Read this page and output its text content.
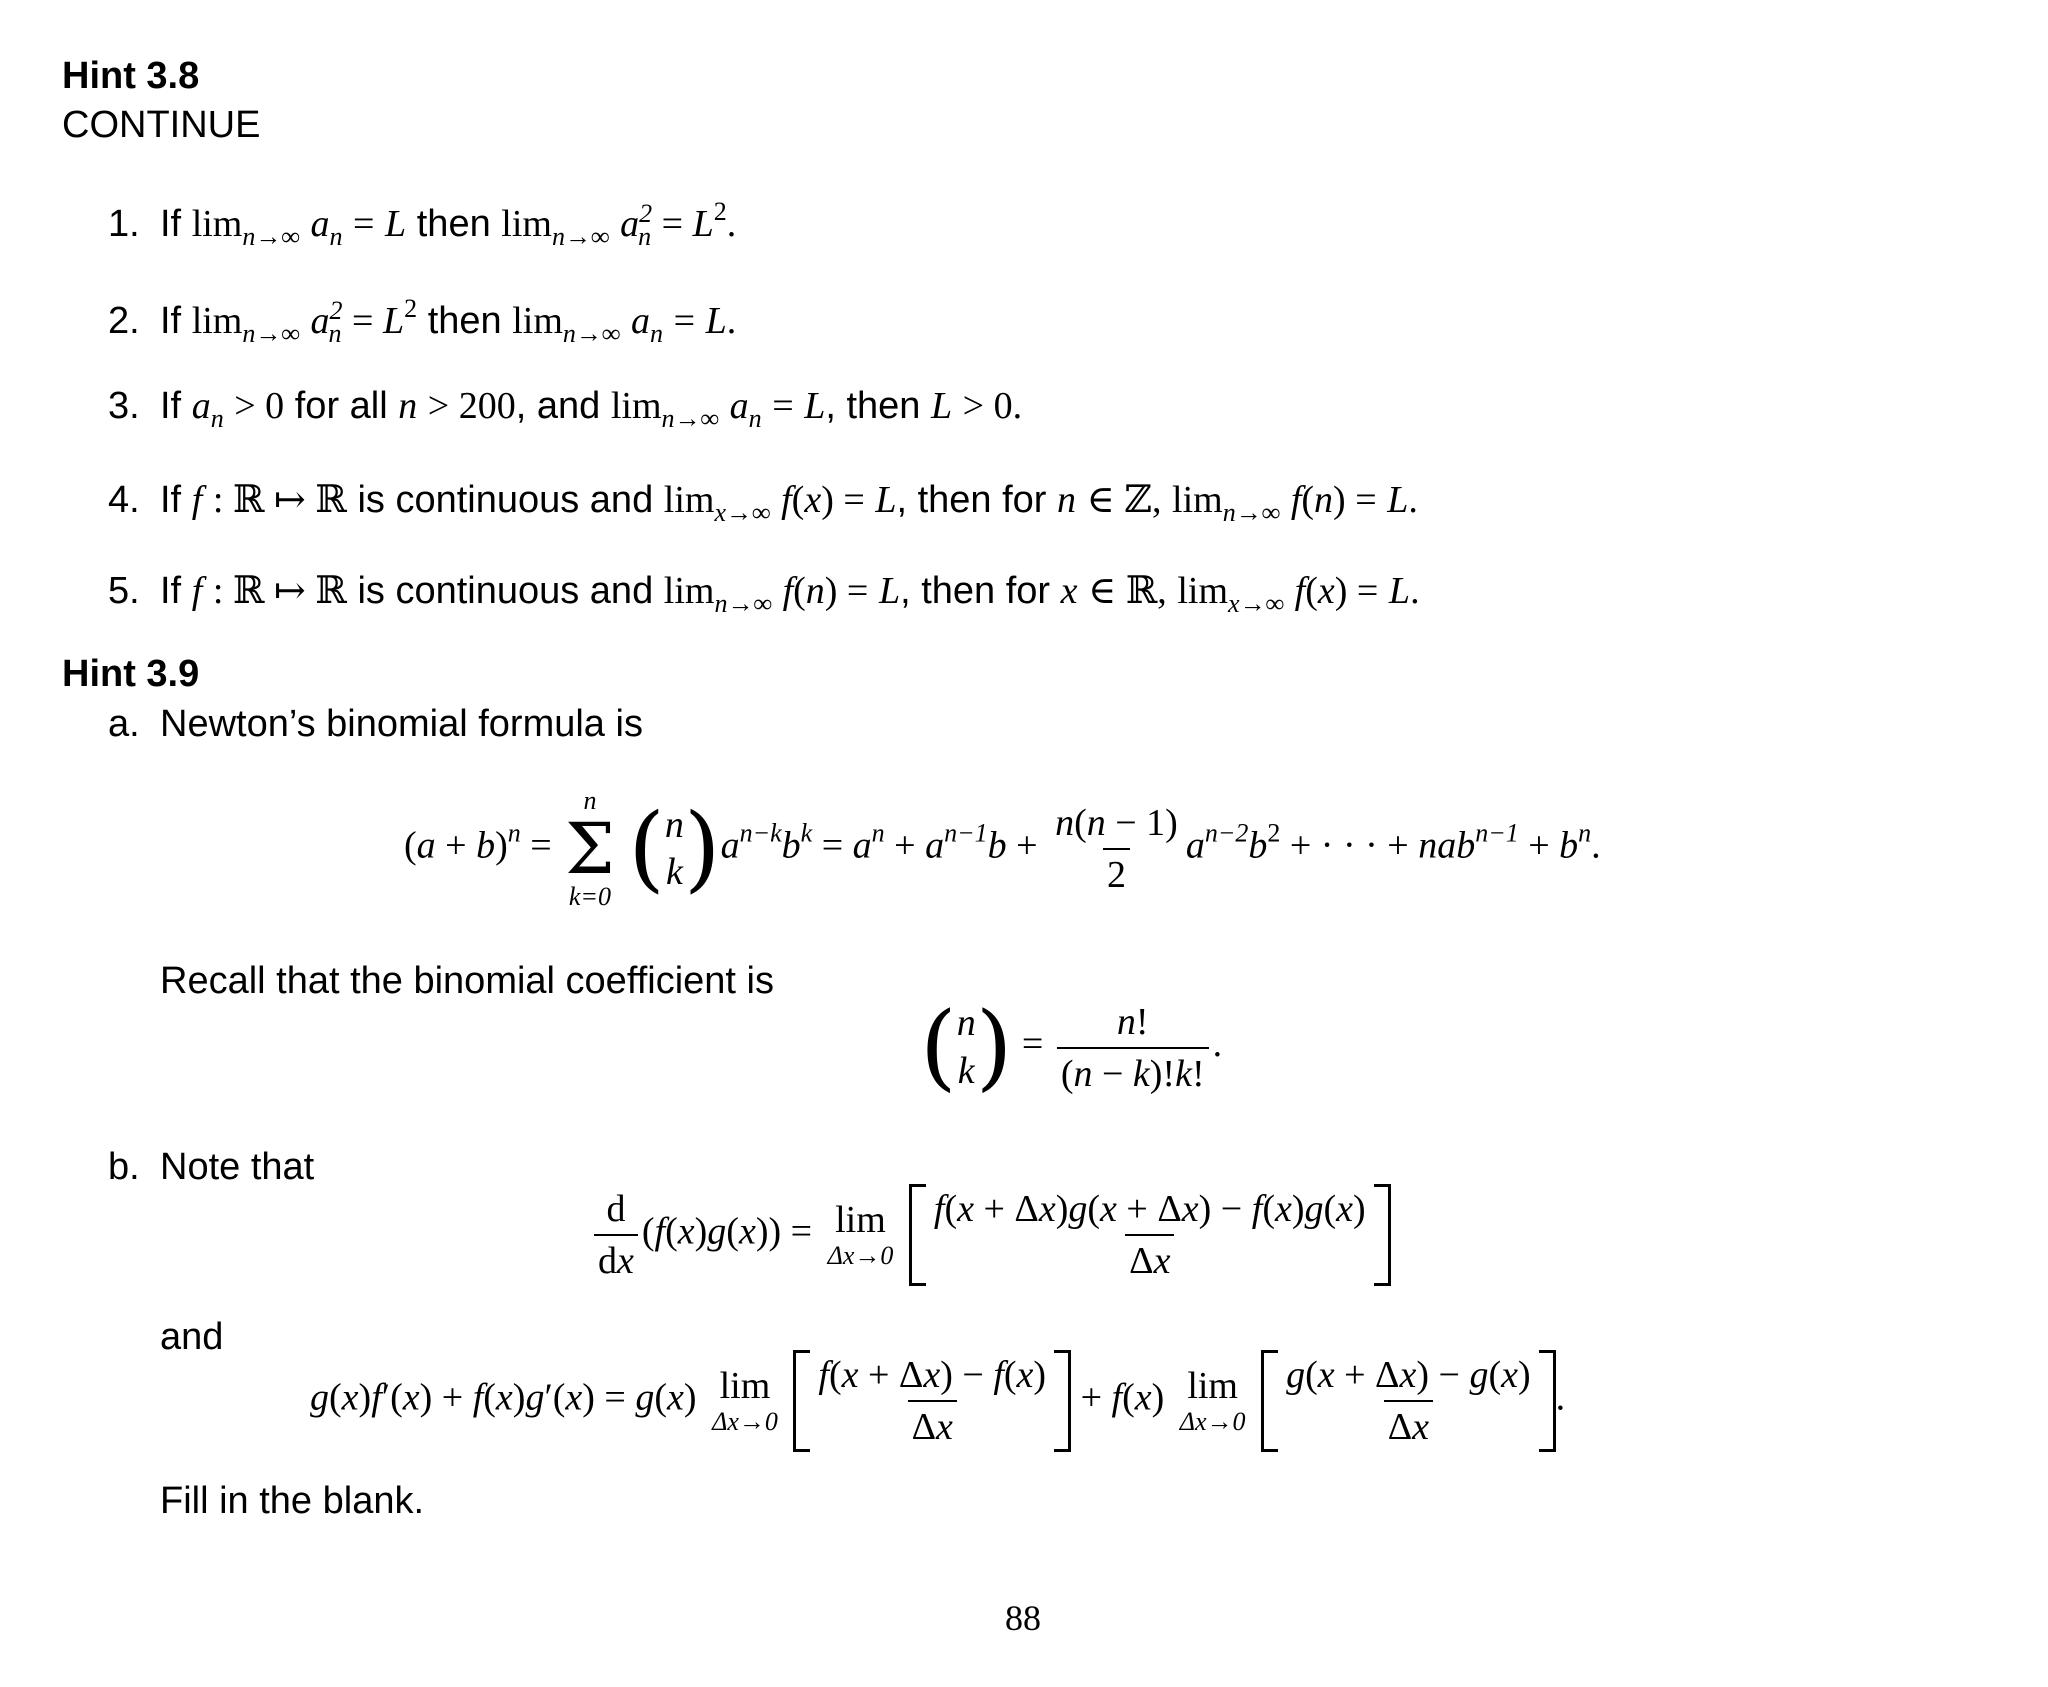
Hint 3.8
CONTINUE
1. If $\lim_{n\to\infty} a_n = L$ then $\lim_{n\to\infty} a^2_n = L^2$.
2. If $\lim_{n\to\infty} a^2_n = L^2$ then $\lim_{n\to\infty} a_n = L$.
3. If $a_n > 0$ for all n > 200, and $\lim_{n\to\infty} a_n = L$, then L > 0.
4. If f : ℝ ↦ ℝ is continuous and $\lim_{x\to\infty} f(x) = L$, then for n ∈ ℤ, $\lim_{n\to\infty} f(n) = L$.
5. If f : ℝ ↦ ℝ is continuous and $\lim_{n\to\infty} f(n) = L$, then for x ∈ ℝ, $\lim_{x\to\infty} f(x) = L$.
Hint 3.9
a. Newton’s binomial formula is
$(a + b)^n$ =
n
Σ
k=0 ( n
k )$a^{n-k}b^k = a^n + a^{n-1}b + \frac{n(n - 1)}{2} a^{n-2}b^2$ + · · · + $nab^{n-1} + b^n$.
Recall that the binomial coefficient is
( n
k ) = $\frac{n!}{(n - k)!k!}$ .
b. Note that
$\frac{d}{dx} (f(x)g(x)) = \lim$
Δx→0
$\frac{f(x + \Delta x)g(x + \Delta x) - f(x)g(x)}{\Delta x}$
and
g(x)f′(x) + f(x)g′(x) = g(x) lim
Δx→0
$\frac{f(x + \Delta x) - f(x)}{\Delta x} + f(x)$ lim
Δx→0
$\frac{g(x + \Delta x) - g(x)}{\Delta x}$ .
Fill in the blank.
88
